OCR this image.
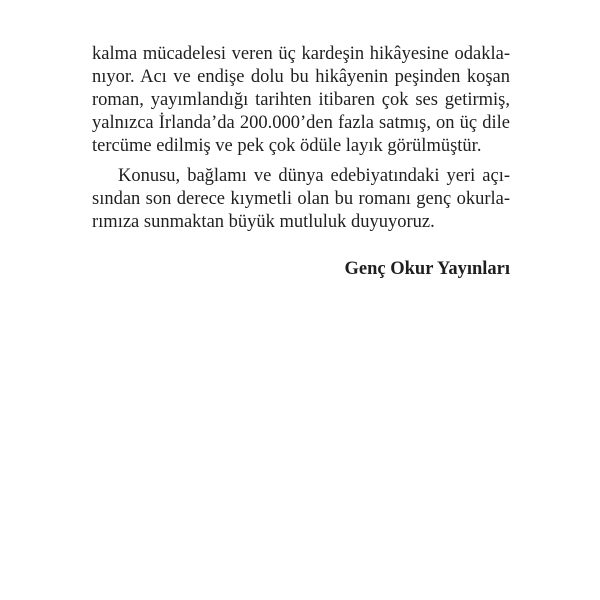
kalma mücadelesi veren üç kardeşin hikâyesine odakla-
nıyor. Acı ve endişe dolu bu hikâyenin peşinden koşan
roman, yayımlandığı tarihten itibaren çok ses getirmiş,
yalnızca İrlanda’da 200.000’den fazla satmış, on üç dile
tercüme edilmiş ve pek çok ödüle layık görülmüştür.
Konusu, bağlamı ve dünya edebiyatındaki yeri açı-
sından son derece kıymetli olan bu romanı genç okurla-
rımıza sunmaktan büyük mutluluk duyuyoruz.
Genç Okur Yayınları
